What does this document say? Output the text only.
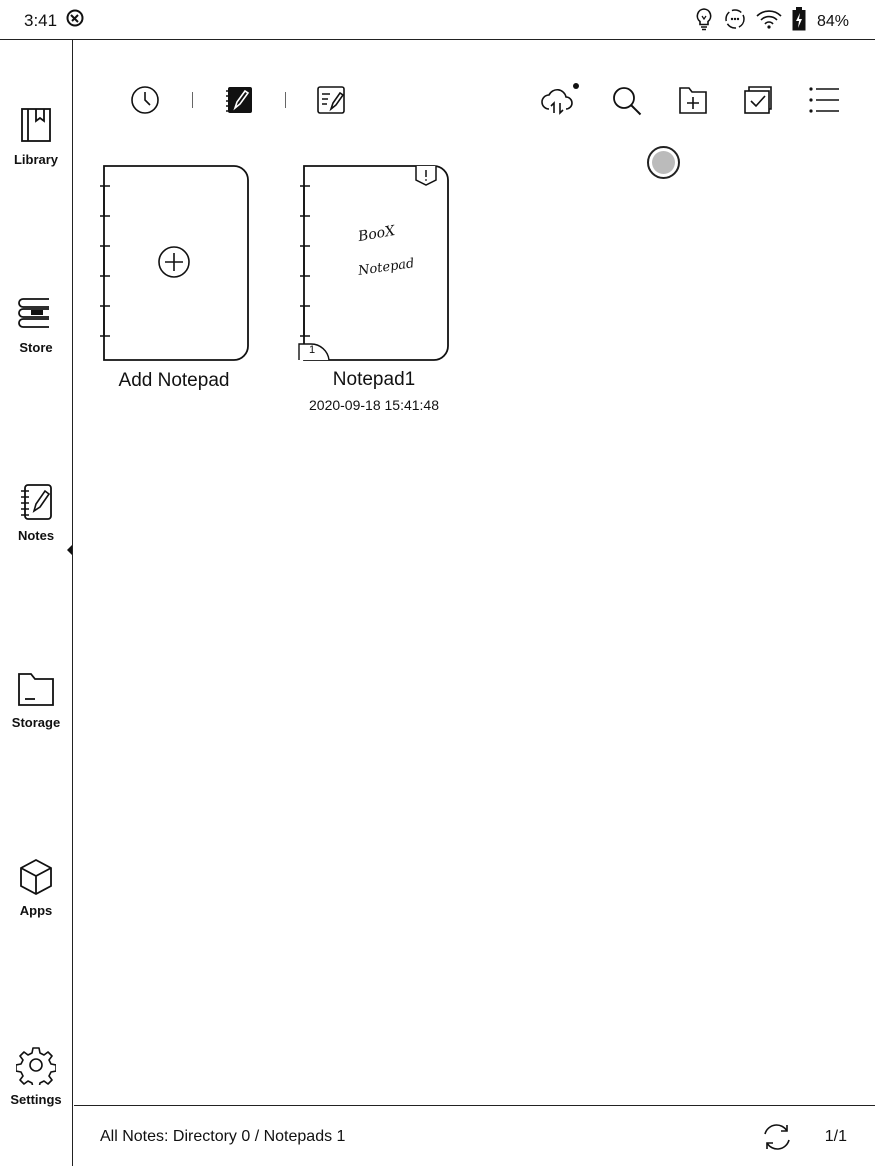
3:41	84%
Library
Store
Notes
Storage
Apps
Settings
Add Notepad
BooX
Notepad
1
Notepad1
2020-09-18 15:41:48
All Notes: Directory 0 / Notepads 1	1/1
